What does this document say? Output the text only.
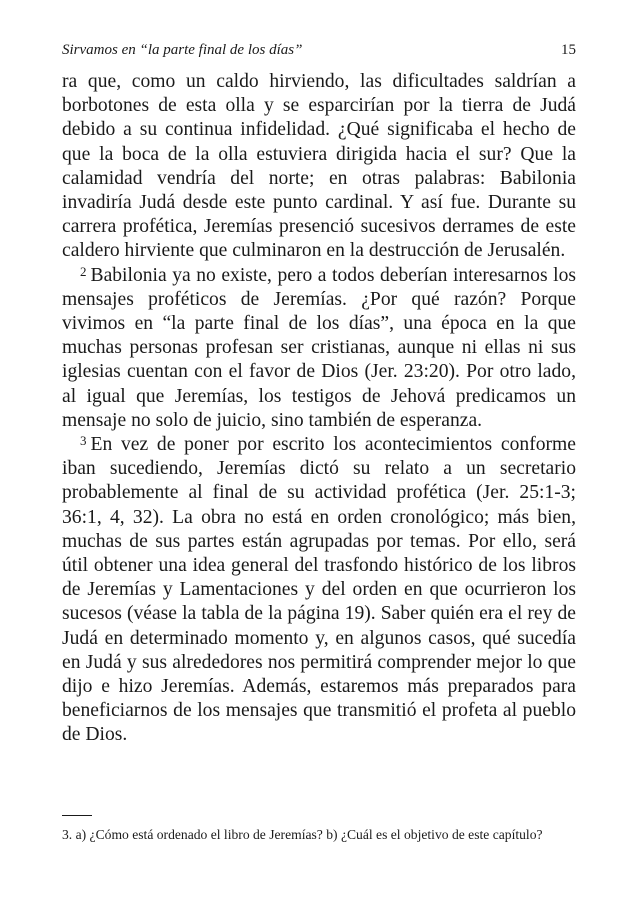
Sirvamos en “la parte final de los días”	15

ra que, como un caldo hirviendo, las dificultades saldrían a borbotones de esta olla y se esparcirían por la tierra de Judá debido a su continua infidelidad. ¿Qué significaba el hecho de que la boca de la olla estuviera dirigida hacia el sur? Que la calamidad vendría del norte; en otras palabras: Babilonia invadiría Judá desde este punto cardinal. Y así fue. Durante su carrera profética, Jeremías presenció sucesivos derrames de este caldero hirviente que culminaron en la destrucción de Jerusalén.

$^2$ Babilonia ya no existe, pero a todos deberían interesarnos los mensajes proféticos de Jeremías. ¿Por qué razón? Porque vivimos en “la parte final de los días”, una época en la que muchas personas profesan ser cristianas, aunque ni ellas ni sus iglesias cuentan con el favor de Dios (Jer. 23:20). Por otro lado, al igual que Jeremías, los testigos de Jehová predicamos un mensaje no solo de juicio, sino también de esperanza.

$^3$ En vez de poner por escrito los acontecimientos conforme iban sucediendo, Jeremías dictó su relato a un secretario probablemente al final de su actividad profética (Jer. 25:1-3; 36:1, 4, 32). La obra no está en orden cronológico; más bien, muchas de sus partes están agrupadas por temas. Por ello, será útil obtener una idea general del trasfondo histórico de los libros de Jeremías y Lamentaciones y del orden en que ocurrieron los sucesos (véase la tabla de la página 19). Saber quién era el rey de Judá en determinado momento y, en algunos casos, qué sucedía en Judá y sus alrededores nos permitirá comprender mejor lo que dijo e hizo Jeremías. Además, estaremos más preparados para beneficiarnos de los mensajes que transmitió el profeta al pueblo de Dios.

3. a) ¿Cómo está ordenado el libro de Jeremías? b) ¿Cuál es el objetivo de este capítulo?
